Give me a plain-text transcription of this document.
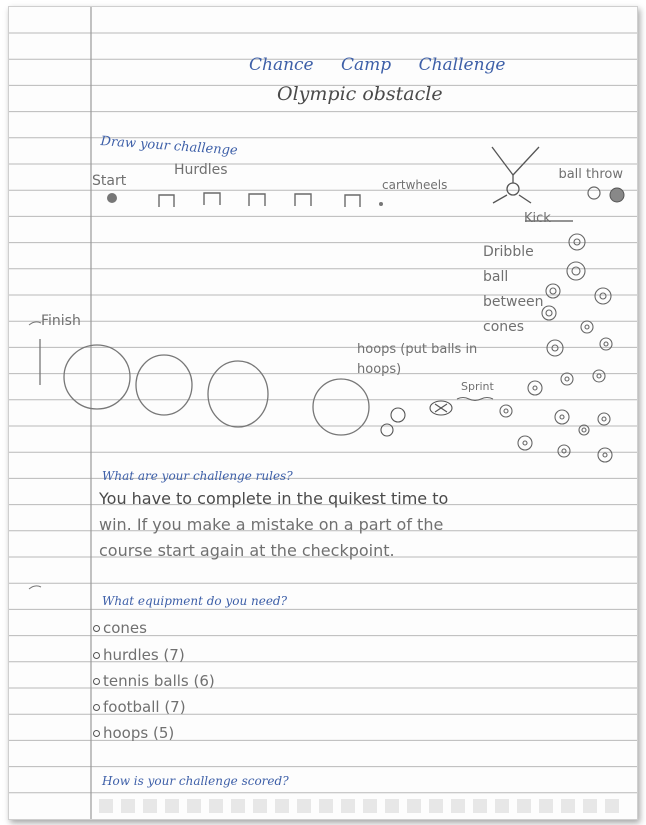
Chance Camp Challenge
Olympic obstacle
Draw your challenge
Start
Hurdles
cartwheels
ball throw
Kick
Dribble ball between cones
Finish
hoops (put balls in hoops)
Sprint
What are your challenge rules?
You have to complete in the quikest time to
win. If you make a mistake on a part of the
course start again at the checkpoint.
What equipment do you need?
cones
hurdles (7)
tennis balls (6)
football (7)
hoops (5)
How is your challenge scored?
